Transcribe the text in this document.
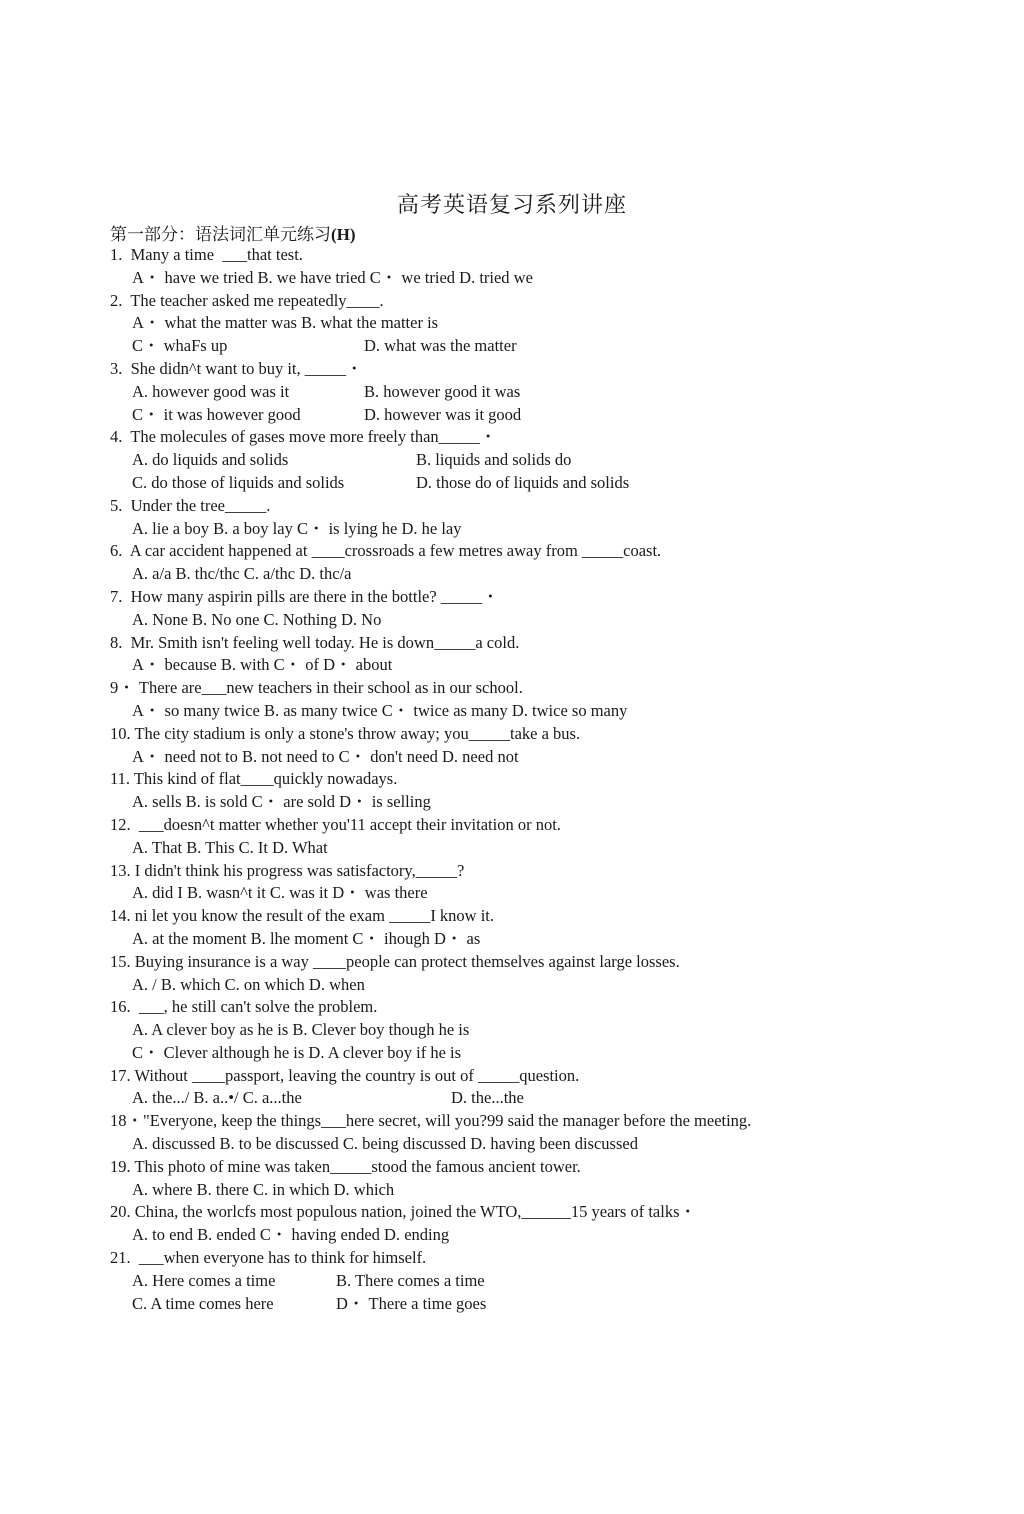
高考英语复习系列讲座
第一部分：语法词汇单元练习(H)
1.  Many a time  ___that test.
A・ have we tried B. we have tried C・ we tried D. tried we
2.  The teacher asked me repeatedly____.
A・ what the matter was B. what the matter is
C・ whaFs up	D. what was the matter
3.  She didn^t want to buy it, _____・
A. however good was it	B. however good it was
C・ it was however good	D. however was it good
4.  The molecules of gases move more freely than_____・
A. do liquids and solids	B. liquids and solids do
C. do those of liquids and solids	D. those do of liquids and solids
5.  Under the tree_____.
A. lie a boy B. a boy lay C・ is lying he D. he lay
6.  A car accident happened at ____crossroads a few metres away from _____coast.
A. a/a B. thc/thc C. a/thc D. thc/a
7.  How many aspirin pills are there in the bottle? _____・
A. None B. No one C. Nothing D. No
8.  Mr. Smith isn't feeling well today. He is down_____a cold.
A・ because B. with C・ of D・ about
9・ There are___new teachers in their school as in our school.
A・ so many twice B. as many twice C・ twice as many D. twice so many
10. The city stadium is only a stone's throw away; you_____take a bus.
A・ need not to B. not need to C・ don't need D. need not
11. This kind of flat____quickly nowadays.
A. sells B. is sold C・ are sold D・ is selling
12.  ___doesn^t matter whether you'11 accept their invitation or not.
A. That B. This C. It D. What
13. I didn't think his progress was satisfactory,_____?
A. did I B. wasn^t it C. was it D・ was there
14. ni let you know the result of the exam _____I know it.
A. at the moment B. lhe moment C・ ihough D・ as
15. Buying insurance is a way ____people can protect themselves against large losses.
A. / B. which C. on which D. when
16.  ___, he still can't solve the problem.
A. A clever boy as he is B. Clever boy though he is
C・ Clever although he is D. A clever boy if he is
17. Without ____passport, leaving the country is out of _____question.
A. the.../ B. a..•/ C. a...the	D. the...the
18・"Everyone, keep the things___here secret, will you?99 said the manager before the meeting.
A. discussed B. to be discussed C. being discussed D. having been discussed
19. This photo of mine was taken_____stood the famous ancient tower.
A. where B. there C. in which D. which
20. China, the worlcfs most populous nation, joined the WTO,______15 years of talks・
A. to end B. ended C・ having ended D. ending
21.  ___when everyone has to think for himself.
A. Here comes a time	B. There comes a time
C. A time comes here	D・ There a time goes
